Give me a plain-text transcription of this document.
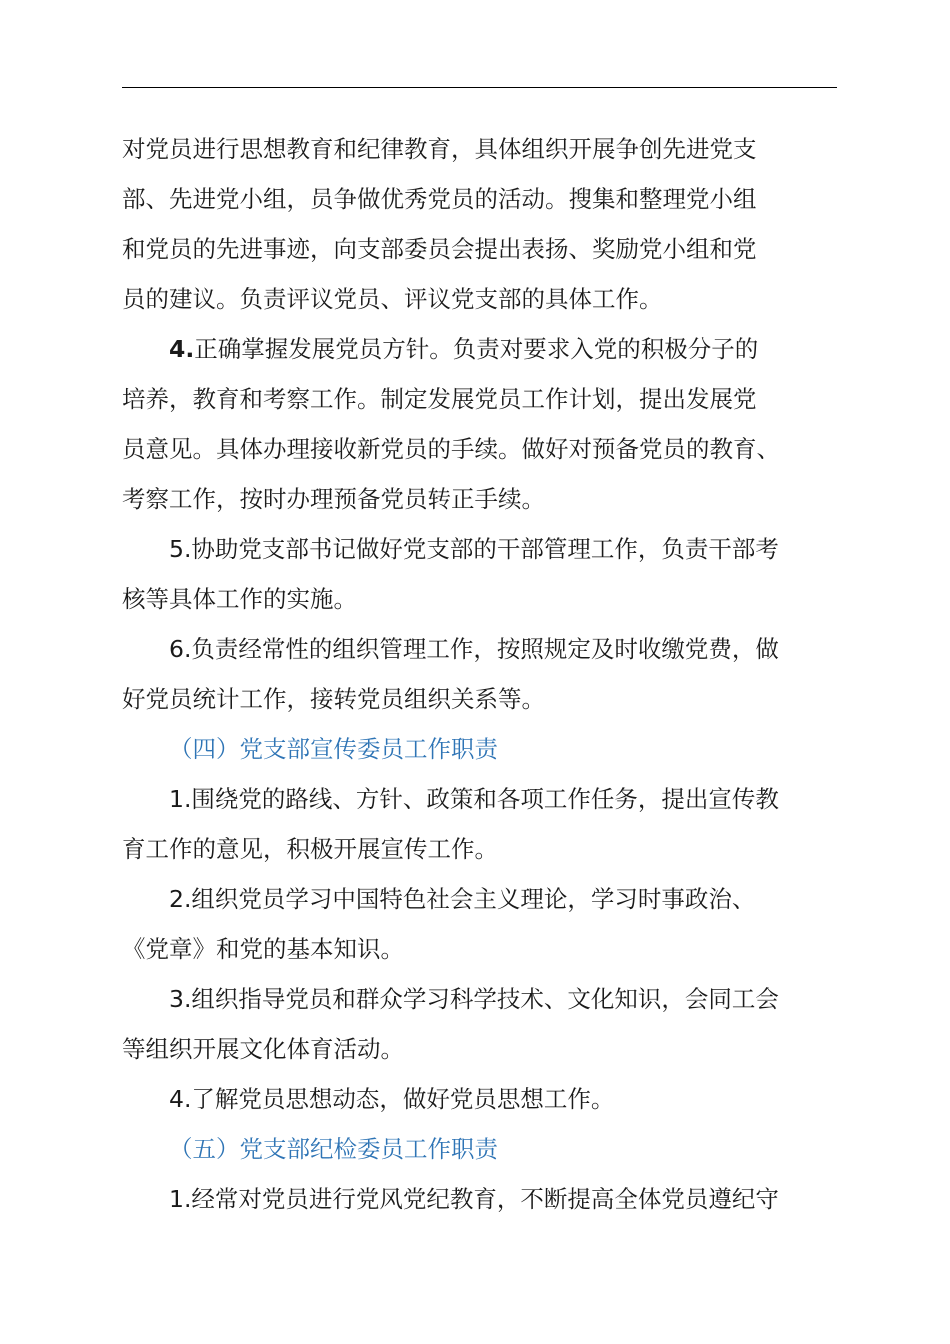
对党员进行思想教育和纪律教育，具体组织开展争创先进党支
部、先进党小组，员争做优秀党员的活动。搜集和整理党小组
和党员的先进事迹，向支部委员会提出表扬、奖励党小组和党
员的建议。负责评议党员、评议党支部的具体工作。
4.正确掌握发展党员方针。负责对要求入党的积极分子的
培养，教育和考察工作。制定发展党员工作计划，提出发展党
员意见。具体办理接收新党员的手续。做好对预备党员的教育、
考察工作，按时办理预备党员转正手续。
5.协助党支部书记做好党支部的干部管理工作，负责干部考
核等具体工作的实施。
6.负责经常性的组织管理工作，按照规定及时收缴党费，做
好党员统计工作，接转党员组织关系等。
（四）党支部宣传委员工作职责
1.围绕党的路线、方针、政策和各项工作任务，提出宣传教
育工作的意见，积极开展宣传工作。
2.组织党员学习中国特色社会主义理论，学习时事政治、
《党章》和党的基本知识。
3.组织指导党员和群众学习科学技术、文化知识，会同工会
等组织开展文化体育活动。
4.了解党员思想动态，做好党员思想工作。
（五）党支部纪检委员工作职责
1.经常对党员进行党风党纪教育，不断提高全体党员遵纪守
